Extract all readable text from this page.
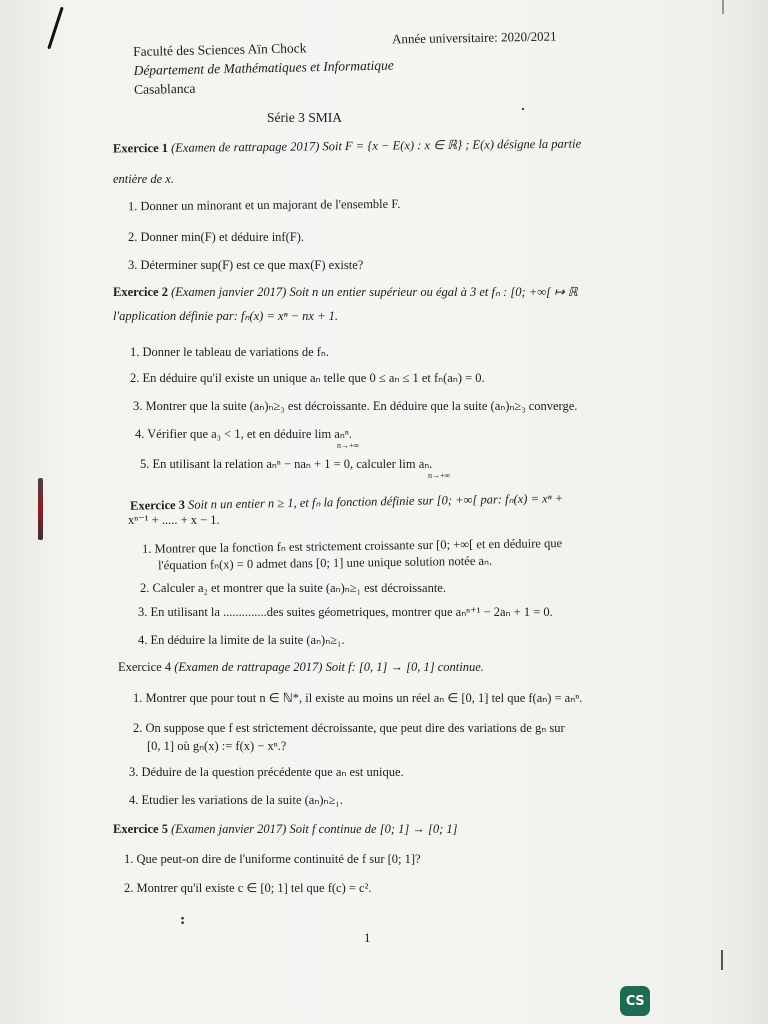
Faculté des Sciences Aïn Chock
Département de Mathématiques et Informatique
Casablanca
Année universitaire: 2020/2021
Série 3 SMIA
Exercice 1 (Examen de rattrapage 2017) Soit F = {x − E(x) : x ∈ ℝ} ; E(x) désigne la partie
entière de x.
1. Donner un minorant et un majorant de l'ensemble F.
2. Donner min(F) et déduire inf(F).
3. Déterminer sup(F) est ce que max(F) existe?
Exercice 2 (Examen janvier 2017) Soit n un entier supérieur ou égal à 3 et fₙ : [0; +∞[ ↦ ℝ
l'application définie par: fₙ(x) = xⁿ − nx + 1.
1. Donner le tableau de variations de fₙ.
2. En déduire qu'il existe un unique aₙ telle que 0 ≤ aₙ ≤ 1 et fₙ(aₙ) = 0.
3. Montrer que la suite (aₙ)ₙ≥₃ est décroissante. En déduire que la suite (aₙ)ₙ≥₃ converge.
4. Vérifier que a₃ < 1, et en déduire lim aₙⁿ.
n→+∞
5. En utilisant la relation aₙⁿ − naₙ + 1 = 0, calculer lim aₙ.
n→+∞
Exercice 3 Soit n un entier n ≥ 1, et fₙ la fonction définie sur [0; +∞[ par: fₙ(x) = xⁿ +
xⁿ⁻¹ + ..... + x − 1.
1. Montrer que la fonction fₙ est strictement croissante sur [0; +∞[ et en déduire que
l'équation fₙ(x) = 0 admet dans [0; 1] une unique solution notée aₙ.
2. Calculer a₂ et montrer que la suite (aₙ)ₙ≥₁ est décroissante.
3. En utilisant la ..............des suites géometriques, montrer que aₙⁿ⁺¹ − 2aₙ + 1 = 0.
4. En déduire la limite de la suite (aₙ)ₙ≥₁.
Exercice 4 (Examen de rattrapage 2017) Soit f: [0, 1] → [0, 1] continue.
1. Montrer que pour tout n ∈ ℕ*, il existe au moins un réel aₙ ∈ [0, 1] tel que f(aₙ) = aₙⁿ.
2. On suppose que f est strictement décroissante, que peut dire des variations de gₙ sur
[0, 1] où gₙ(x) := f(x) − xⁿ.?
3. Déduire de la question précédente que aₙ est unique.
4. Etudier les variations de la suite (aₙ)ₙ≥₁.
Exercice 5 (Examen janvier 2017) Soit f continue de [0; 1] → [0; 1]
1. Que peut-on dire de l'uniforme continuité de f sur [0; 1]?
2. Montrer qu'il existe c ∈ [0; 1] tel que f(c) = c².
:
1
CS
